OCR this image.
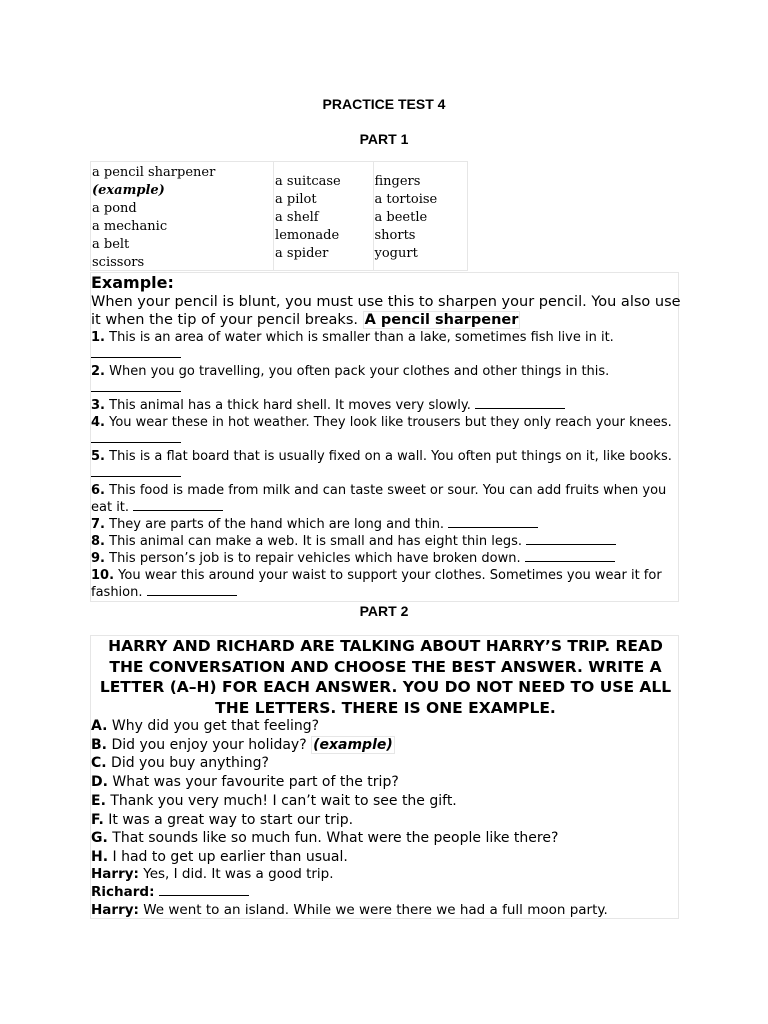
PRACTICE TEST 4
PART 1
a pencil sharpener
(example)
a pond
a mechanic
a belt
scissors
a suitcase
a pilot
a shelf
lemonade
a spider
fingers
a tortoise
a beetle
shorts
yogurt
Example:
When your pencil is blunt, you must use this to sharpen your pencil. You also use it when the tip of your pencil breaks. A pencil sharpener

1. This is an area of water which is smaller than a lake, sometimes fish live in it.

2. When you go travelling, you often pack your clothes and other things in this.

3. This animal has a thick hard shell. It moves very slowly.

4. You wear these in hot weather. They look like trousers but they only reach your knees.

5. This is a flat board that is usually fixed on a wall. You often put things on it, like books.

6. This food is made from milk and can taste sweet or sour. You can add fruits when you eat it.

7. They are parts of the hand which are long and thin.

8. This animal can make a web. It is small and has eight thin legs.

9. This person’s job is to repair vehicles which have broken down.

10. You wear this around your waist to support your clothes. Sometimes you wear it for fashion.

PART 2
HARRY AND RICHARD ARE TALKING ABOUT HARRY’S TRIP. READ THE CONVERSATION AND CHOOSE THE BEST ANSWER. WRITE A LETTER (A–H) FOR EACH ANSWER. YOU DO NOT NEED TO USE ALL THE LETTERS. THERE IS ONE EXAMPLE.
A. Why did you get that feeling?
B. Did you enjoy your holiday? (example)
C. Did you buy anything?
D. What was your favourite part of the trip?
E. Thank you very much! I can’t wait to see the gift.
F. It was a great way to start our trip.
G. That sounds like so much fun. What were the people like there?
H. I had to get up earlier than usual.
Harry: Yes, I did. It was a good trip.
Richard:
Harry: We went to an island. While we were there we had a full moon party.
